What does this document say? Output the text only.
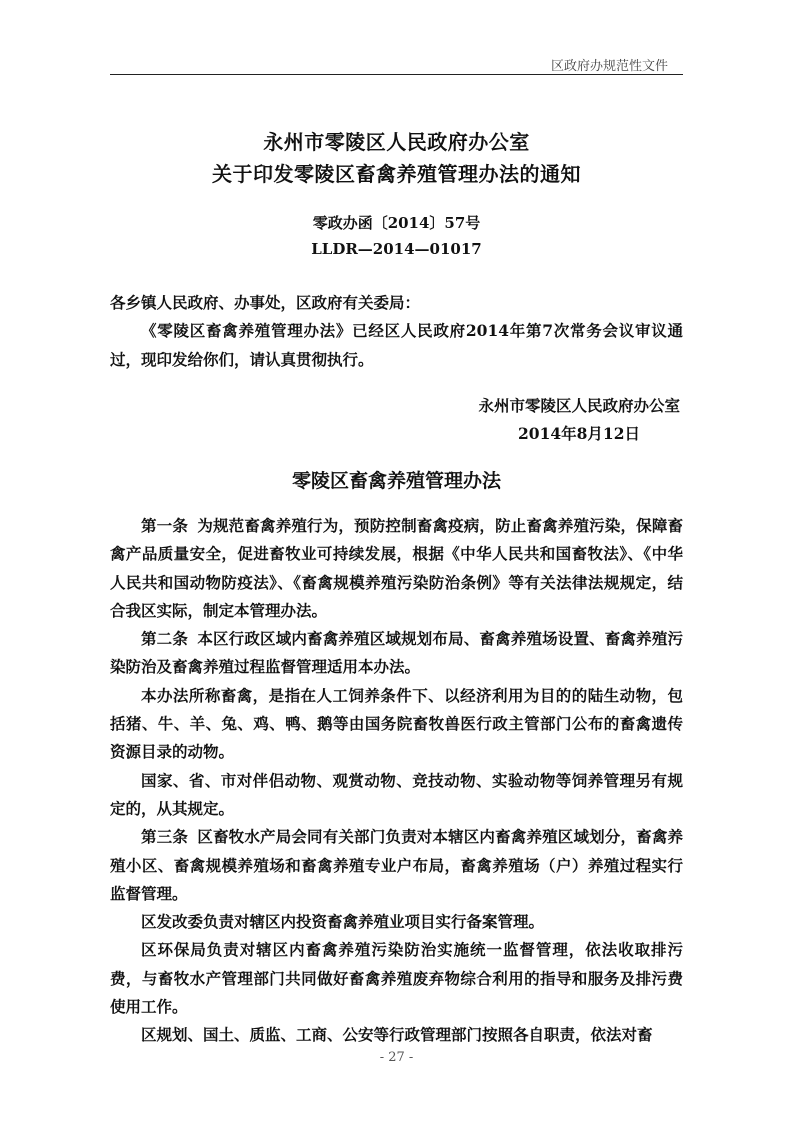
区政府办规范性文件
永州市零陵区人民政府办公室
关于印发零陵区畜禽养殖管理办法的通知
零政办函〔2014〕57号
LLDR—2014—01017
各乡镇人民政府、办事处，区政府有关委局：
《零陵区畜禽养殖管理办法》已经区人民政府2014年第7次常务会议审议通过，现印发给你们，请认真贯彻执行。
永州市零陵区人民政府办公室
2014年8月12日
零陵区畜禽养殖管理办法

第一条 为规范畜禽养殖行为，预防控制畜禽疫病，防止畜禽养殖污染，保障畜禽产品质量安全，促进畜牧业可持续发展，根据《中华人民共和国畜牧法》、《中华人民共和国动物防疫法》、《畜禽规模养殖污染防治条例》等有关法律法规规定，结合我区实际，制定本管理办法。

第二条 本区行政区域内畜禽养殖区域规划布局、畜禽养殖场设置、畜禽养殖污染防治及畜禽养殖过程监督管理适用本办法。

本办法所称畜禽，是指在人工饲养条件下、以经济利用为目的的陆生动物，包括猪、牛、羊、兔、鸡、鸭、鹅等由国务院畜牧兽医行政主管部门公布的畜禽遗传资源目录的动物。

国家、省、市对伴侣动物、观赏动物、竞技动物、实验动物等饲养管理另有规定的，从其规定。

第三条 区畜牧水产局会同有关部门负责对本辖区内畜禽养殖区域划分，畜禽养殖小区、畜禽规模养殖场和畜禽养殖专业户布局，畜禽养殖场（户）养殖过程实行监督管理。

区发改委负责对辖区内投资畜禽养殖业项目实行备案管理。

区环保局负责对辖区内畜禽养殖污染防治实施统一监督管理，依法收取排污费，与畜牧水产管理部门共同做好畜禽养殖废弃物综合利用的指导和服务及排污费使用工作。

区规划、国土、质监、工商、公安等行政管理部门按照各自职责，依法对畜

- 27 -
